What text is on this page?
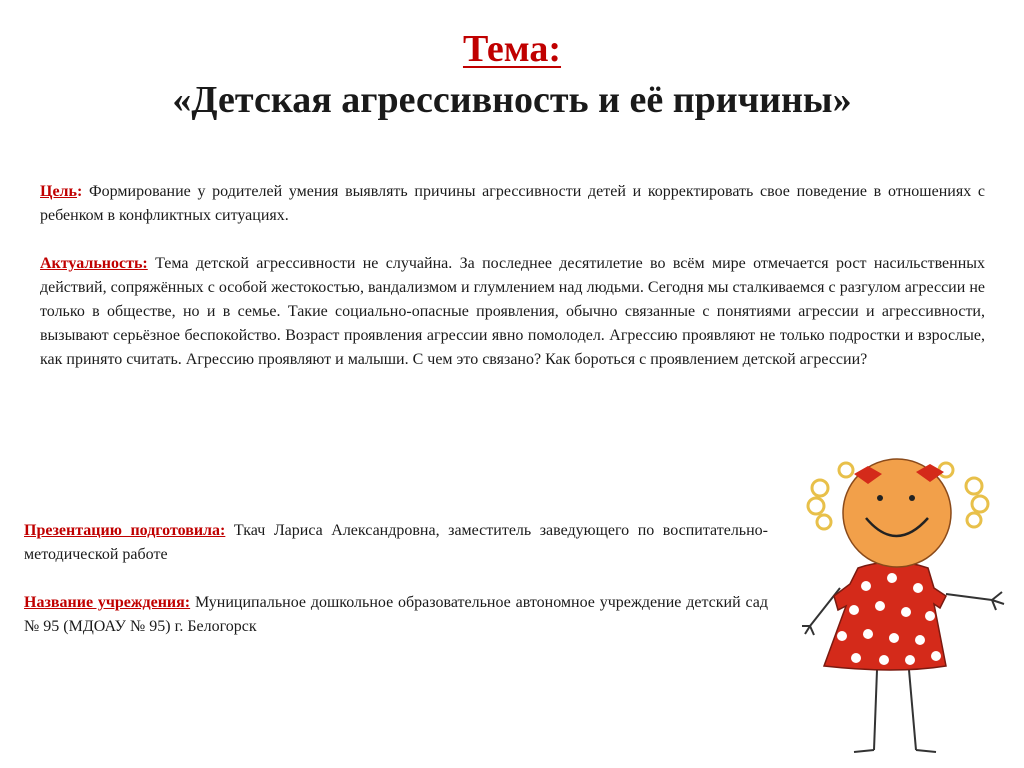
Тема:
«Детская агрессивность и её причины»
Цель: Формирование у родителей умения выявлять причины агрессивности детей и корректировать свое поведение в отношениях с ребенком в конфликтных ситуациях.
Актуальность: Тема детской агрессивности не случайна. За последнее десятилетие во всём мире отмечается рост насильственных действий, сопряжённых с особой жестокостью, вандализмом и глумлением над людьми. Сегодня мы сталкиваемся с разгулом агрессии не только в обществе, но и в семье. Такие социально-опасные проявления, обычно связанные с понятиями агрессии и агрессивности, вызывают серьёзное беспокойство. Возраст проявления агрессии явно помолодел. Агрессию проявляют не только подростки и взрослые, как принято считать. Агрессию проявляют и малыши. С чем это связано? Как бороться с проявлением детской агрессии?
Презентацию подготовила: Ткач Лариса Александровна, заместитель заведующего по воспитательно-методической работе
Название учреждения: Муниципальное дошкольное образовательное автономное учреждение детский сад № 95 (МДОАУ № 95) г. Белогорск
